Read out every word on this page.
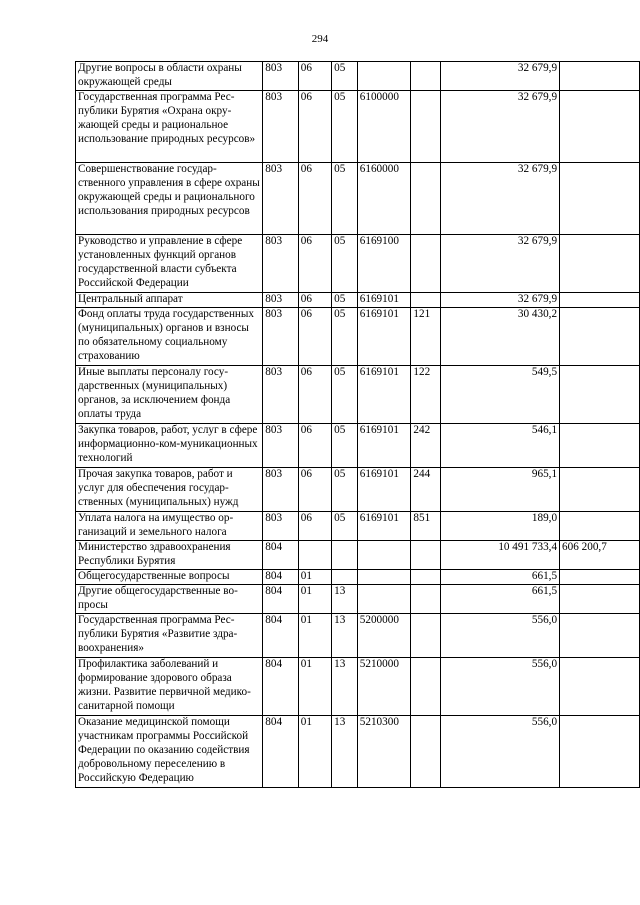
294
Другие вопросы в области охраны окружающей среды	803	06	05			32 679,9	
Государственная программа Республики Бурятия «Охрана окружающей среды и рациональное использование природных ресурсов»	803	06	05	6100000		32 679,9	
Совершенствование государственного управления в сфере охраны окружающей среды и рационального использования природных ресурсов	803	06	05	6160000		32 679,9	
Руководство и управление в сфере установленных функций органов государственной власти субъекта Российской Федерации	803	06	05	6169100		32 679,9	
Центральный аппарат	803	06	05	6169101		32 679,9	
Фонд оплаты труда государственных (муниципальных) органов и взносы по обязательному социальному страхованию	803	06	05	6169101	121	30 430,2	
Иные выплаты персоналу государственных (муниципальных) органов, за исключением фонда оплаты труда	803	06	05	6169101	122	549,5	
Закупка товаров, работ, услуг в сфере информационно-ком-муникационных технологий	803	06	05	6169101	242	546,1	
Прочая закупка товаров, работ и услуг для обеспечения государственных (муниципальных) нужд	803	06	05	6169101	244	965,1	
Уплата налога на имущество организаций и земельного налога	803	06	05	6169101	851	189,0	
Министерство здравоохранения Республики Бурятия	804					10 491 733,4	606 200,7
Общегосударственные вопросы	804	01				661,5	
Другие общегосударственные вопросы	804	01	13			661,5	
Государственная программа Республики Бурятия «Развитие здравоохранения»	804	01	13	5200000		556,0	
Профилактика заболеваний и формирование здорового образа жизни. Развитие первичной медико-санитарной помощи	804	01	13	5210000		556,0	
Оказание медицинской помощи участникам программы Российской Федерации по оказанию содействия добровольному переселению в Российскую Федерацию	804	01	13	5210300		556,0	
